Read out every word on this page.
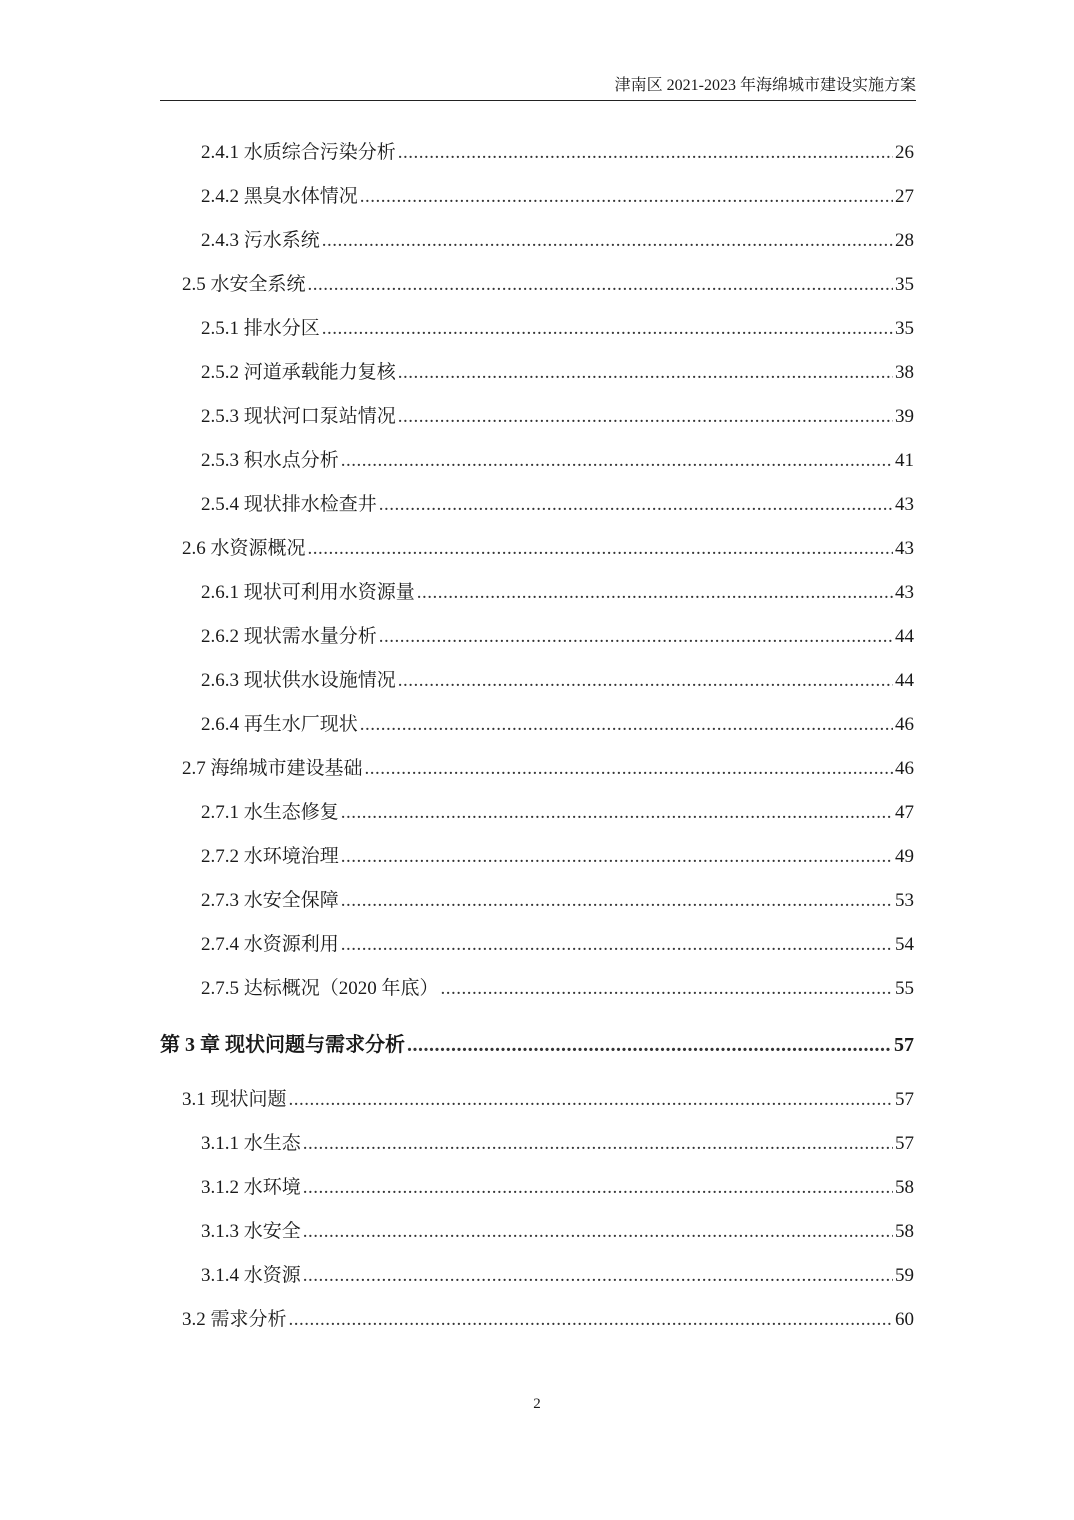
津南区 2021-2023 年海绵城市建设实施方案
2.4.1 水质综合污染分析 .....	26
2.4.2 黑臭水体情况 .....	27
2.4.3 污水系统 .....	28
2.5 水安全系统 .....	35
2.5.1 排水分区 .....	35
2.5.2 河道承载能力复核 .....	38
2.5.3 现状河口泵站情况 .....	39
2.5.3 积水点分析 .....	41
2.5.4 现状排水检查井 .....	43
2.6 水资源概况 .....	43
2.6.1 现状可利用水资源量 .....	43
2.6.2 现状需水量分析 .....	44
2.6.3 现状供水设施情况 .....	44
2.6.4 再生水厂现状 .....	46
2.7 海绵城市建设基础 .....	46
2.7.1 水生态修复 .....	47
2.7.2 水环境治理 .....	49
2.7.3 水安全保障 .....	53
2.7.4 水资源利用 .....	54
2.7.5 达标概况（2020 年底） .....	55
第 3 章 现状问题与需求分析 .....	57
3.1 现状问题 .....	57
3.1.1 水生态 .....	57
3.1.2 水环境 .....	58
3.1.3 水安全 .....	58
3.1.4 水资源 .....	59
3.2 需求分析 .....	60
2
